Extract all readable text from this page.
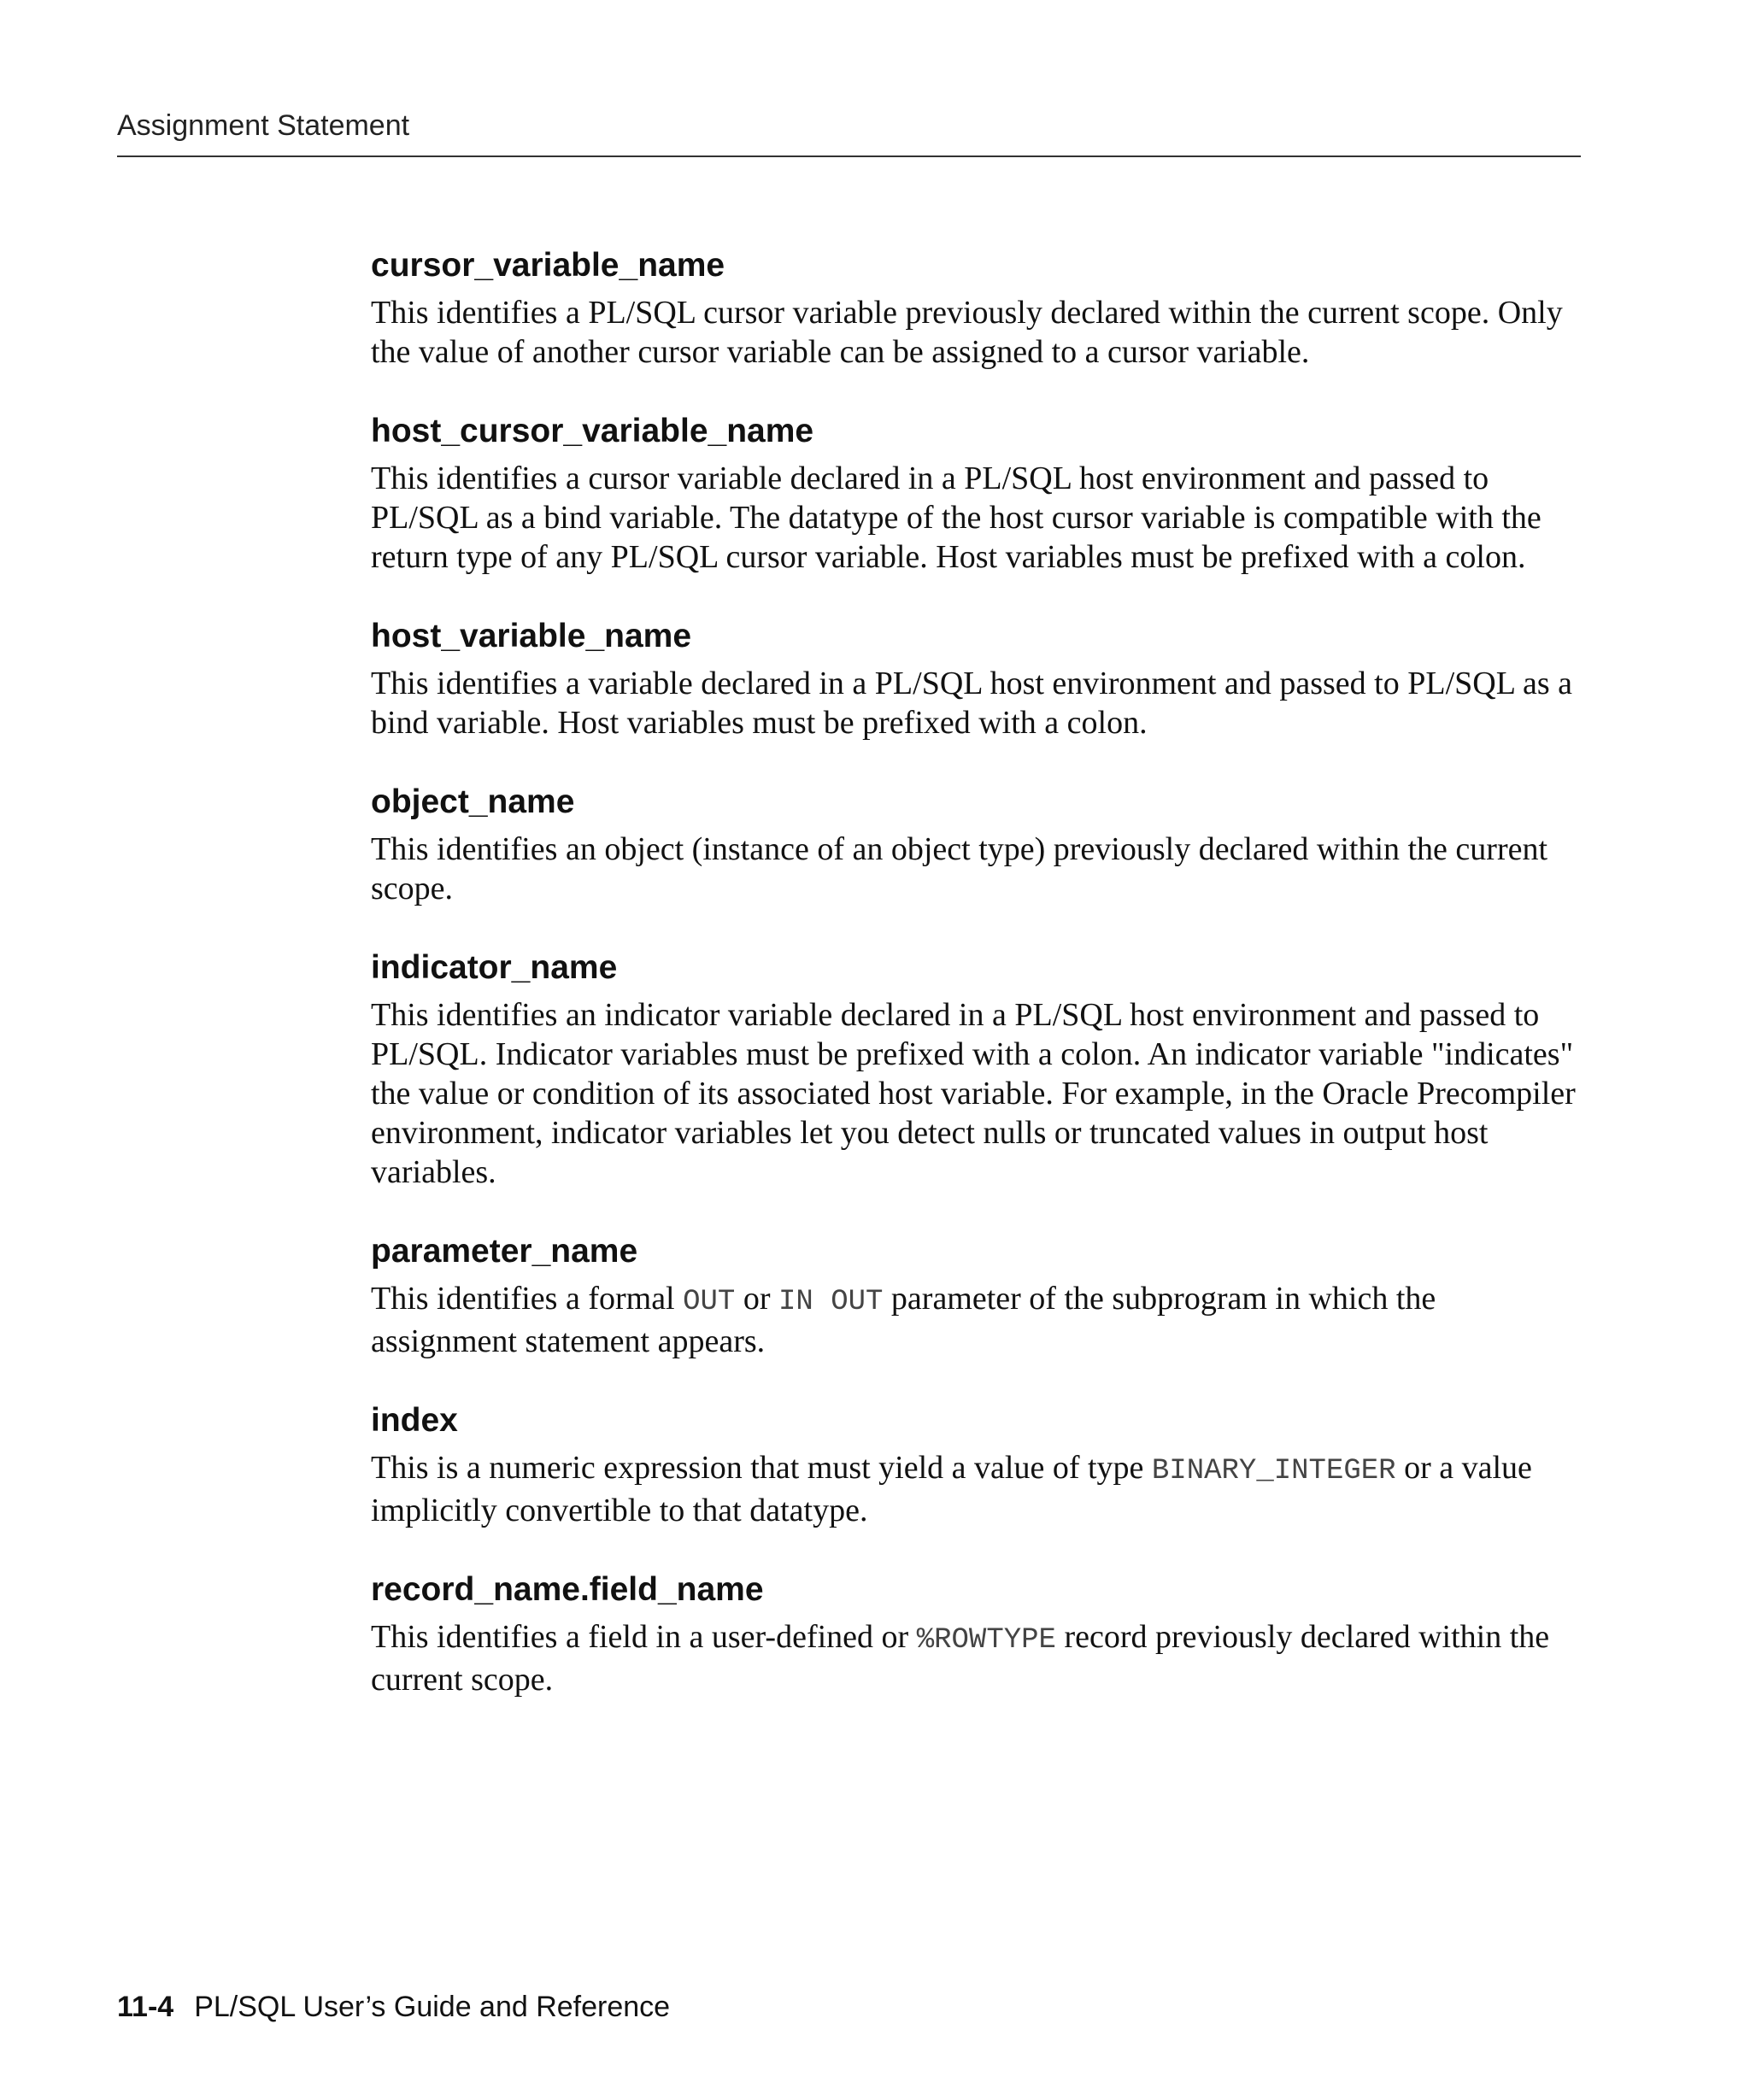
Assignment Statement
cursor_variable_name

This identifies a PL/SQL cursor variable previously declared within the current scope. Only the value of another cursor variable can be assigned to a cursor variable.

host_cursor_variable_name

This identifies a cursor variable declared in a PL/SQL host environment and passed to PL/SQL as a bind variable. The datatype of the host cursor variable is compatible with the return type of any PL/SQL cursor variable. Host variables must be prefixed with a colon.

host_variable_name

This identifies a variable declared in a PL/SQL host environment and passed to PL/SQL as a bind variable. Host variables must be prefixed with a colon.

object_name

This identifies an object (instance of an object type) previously declared within the current scope.

indicator_name

This identifies an indicator variable declared in a PL/SQL host environment and passed to PL/SQL. Indicator variables must be prefixed with a colon. An indicator variable "indicates" the value or condition of its associated host variable. For example, in the Oracle Precompiler environment, indicator variables let you detect nulls or truncated values in output host variables.

parameter_name

This identifies a formal OUT or IN OUT parameter of the subprogram in which the assignment statement appears.

index

This is a numeric expression that must yield a value of type BINARY_INTEGER or a value implicitly convertible to that datatype.

record_name.field_name

This identifies a field in a user-defined or %ROWTYPE record previously declared within the current scope.

11-4 PL/SQL User’s Guide and Reference
